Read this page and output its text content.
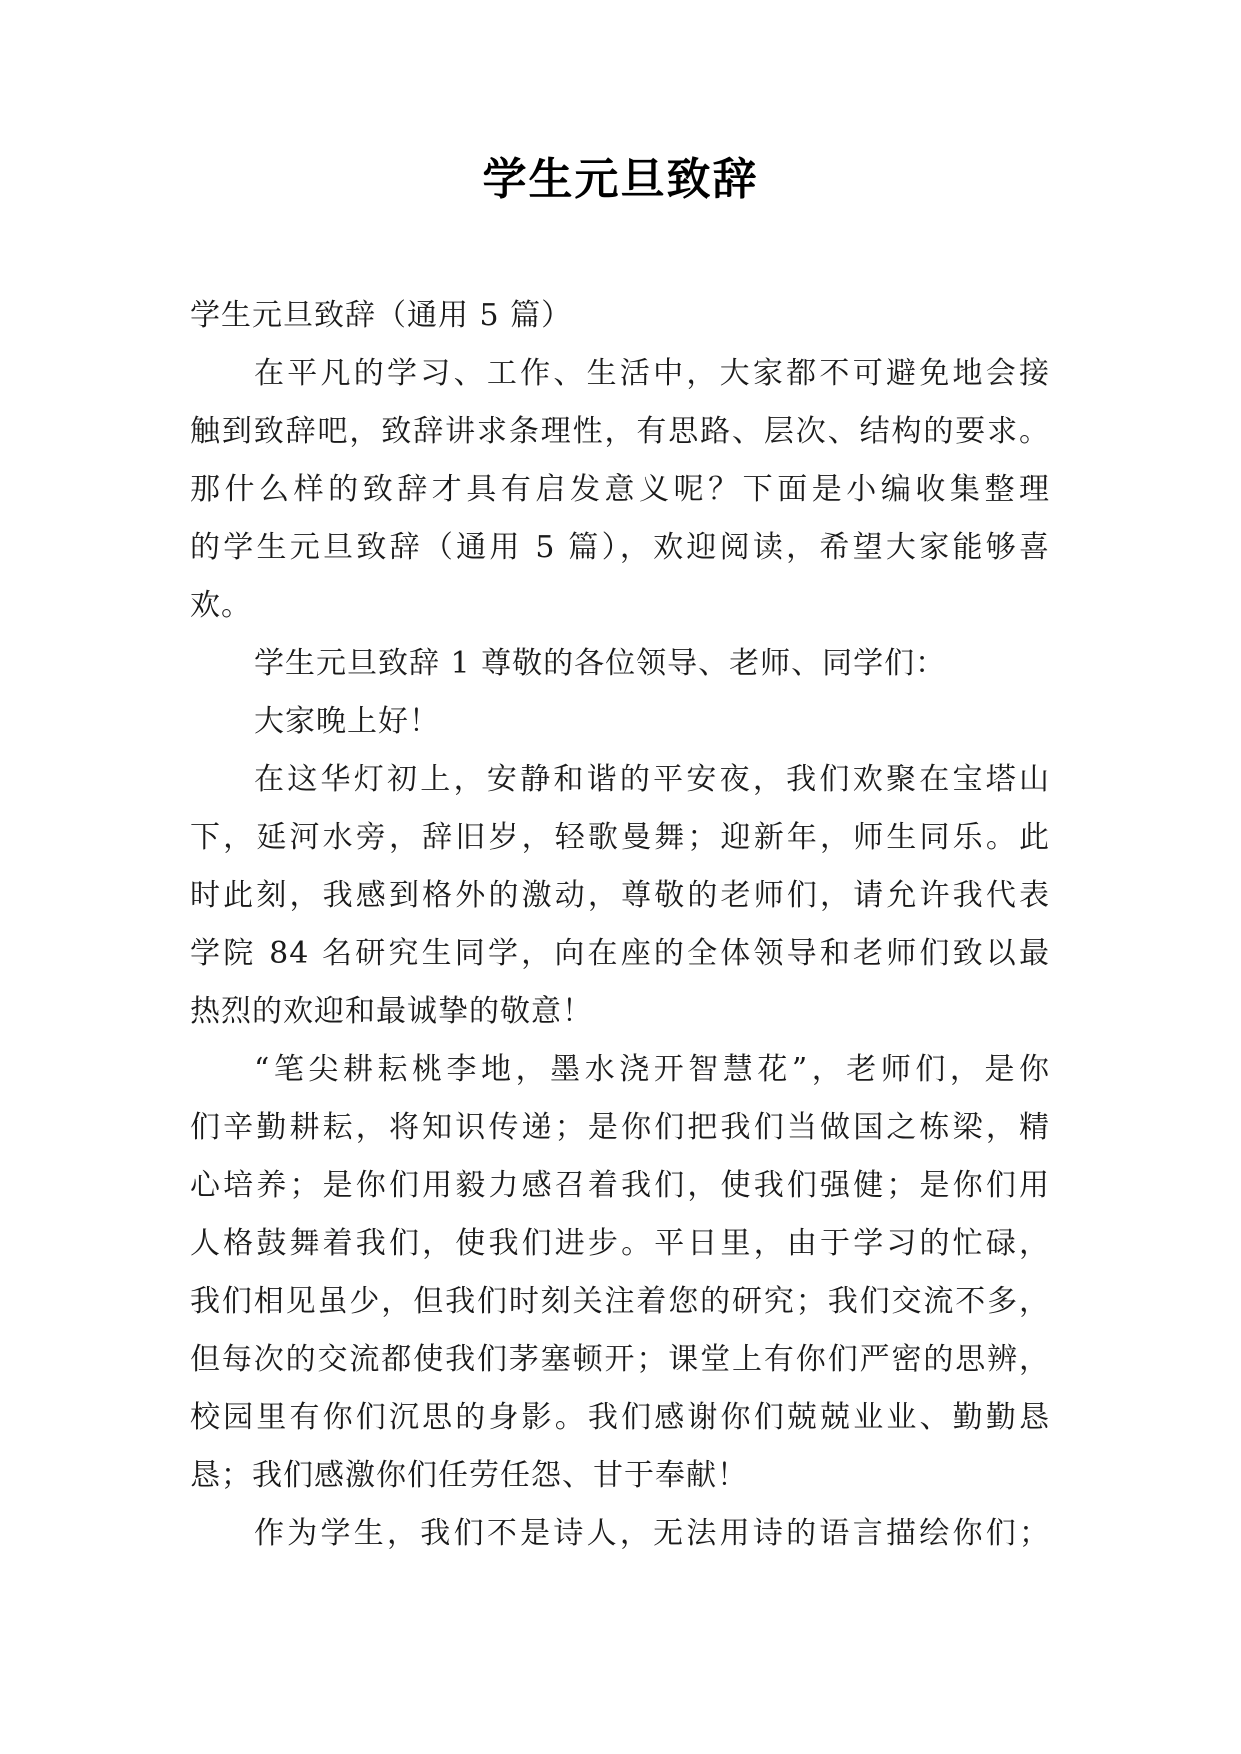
学生元旦致辞
学生元旦致辞（通用 5 篇）
在平凡的学习、工作、生活中，大家都不可避免地会接
触到致辞吧，致辞讲求条理性，有思路、层次、结构的要求。
那什么样的致辞才具有启发意义呢？下面是小编收集整理
的学生元旦致辞（通用 5 篇），欢迎阅读，希望大家能够喜
欢。
学生元旦致辞 1 尊敬的各位领导、老师、同学们：
大家晚上好！
在这华灯初上，安静和谐的平安夜，我们欢聚在宝塔山
下，延河水旁，辞旧岁，轻歌曼舞；迎新年，师生同乐。此
时此刻，我感到格外的激动，尊敬的老师们，请允许我代表
学院 84 名研究生同学，向在座的全体领导和老师们致以最
热烈的欢迎和最诚挚的敬意！
“笔尖耕耘桃李地，墨水浇开智慧花”，老师们，是你
们辛勤耕耘，将知识传递；是你们把我们当做国之栋梁，精
心培养；是你们用毅力感召着我们，使我们强健；是你们用
人格鼓舞着我们，使我们进步。平日里，由于学习的忙碌，
我们相见虽少，但我们时刻关注着您的研究；我们交流不多，
但每次的交流都使我们茅塞顿开；课堂上有你们严密的思辨，
校园里有你们沉思的身影。我们感谢你们兢兢业业、勤勤恳
恳；我们感激你们任劳任怨、甘于奉献！
作为学生，我们不是诗人，无法用诗的语言描绘你们；
